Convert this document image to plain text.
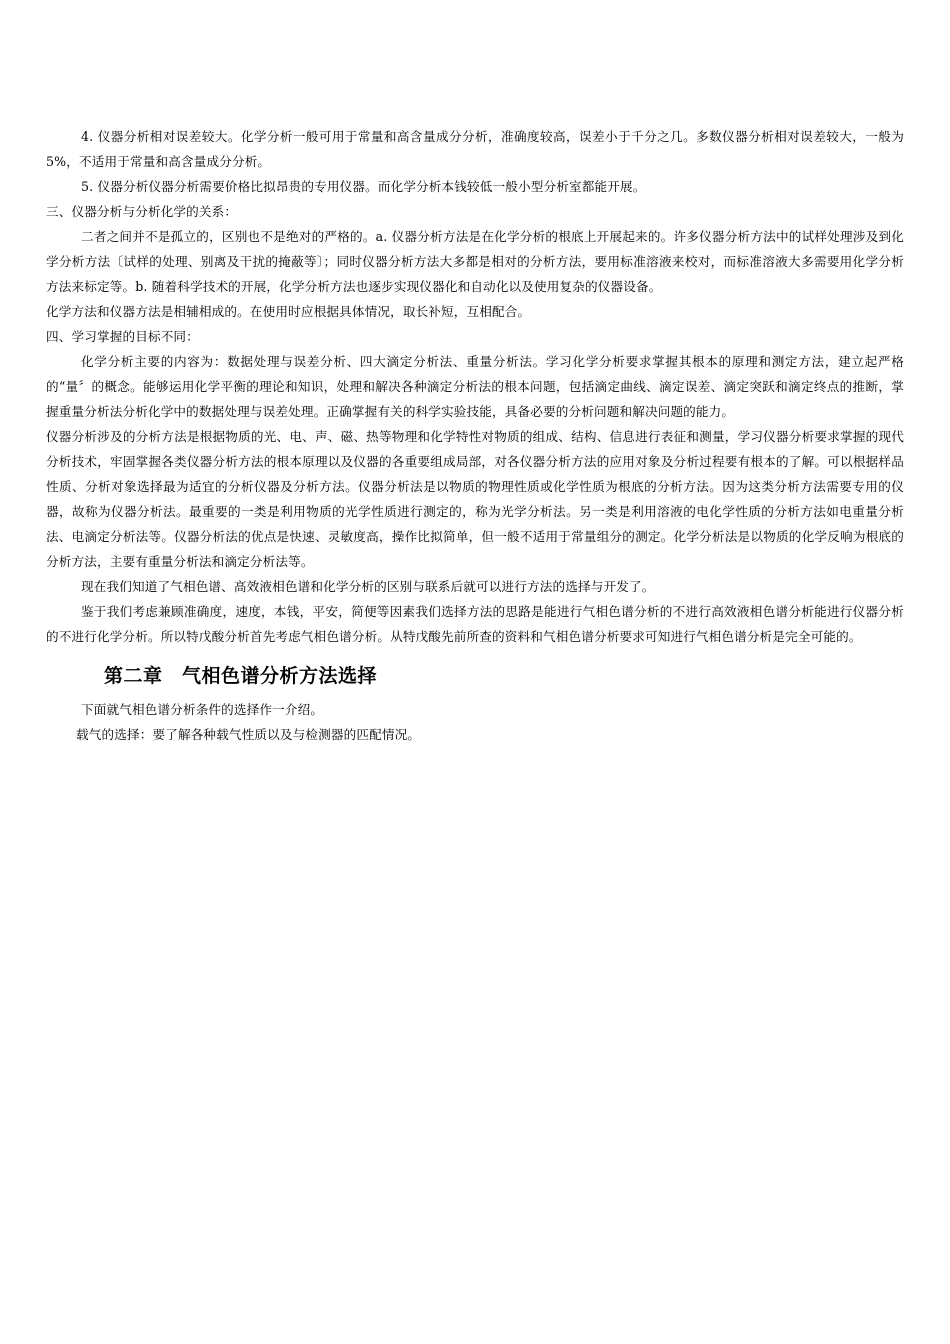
4. 仪器分析相对误差较大。化学分析一般可用于常量和高含量成分分析，准确度较高，误差小于千分之几。多数仪器分析相对误差较大，一般为 5%，不适用于常量和高含量成分分析。

5. 仪器分析仪器分析需要价格比拟昂贵的专用仪器。而化学分析本钱较低一般小型分析室都能开展。

三、仪器分析与分析化学的关系：

二者之间并不是孤立的，区别也不是绝对的严格的。a. 仪器分析方法是在化学分析的根底上开展起来的。许多仪器分析方法中的试样处理涉及到化学分析方法〔试样的处理、别离及干扰的掩蔽等〕；同时仪器分析方法大多都是相对的分析方法，要用标准溶液来校对，而标准溶液大多需要用化学分析方法来标定等。b. 随着科学技术的开展，化学分析方法也逐步实现仪器化和自动化以及使用复杂的仪器设备。

化学方法和仪器方法是相辅相成的。在使用时应根据具体情况，取长补短，互相配合。

四、学习掌握的目标不同：

化学分析主要的内容为：数据处理与误差分析、四大滴定分析法、重量分析法。学习化学分析要求掌握其根本的原理和测定方法，建立起严格的“量〞的概念。能够运用化学平衡的理论和知识，处理和解决各种滴定分析法的根本问题，包括滴定曲线、滴定误差、滴定突跃和滴定终点的推断，掌握重量分析法分析化学中的数据处理与误差处理。正确掌握有关的科学实验技能，具备必要的分析问题和解决问题的能力。

仪器分析涉及的分析方法是根据物质的光、电、声、磁、热等物理和化学特性对物质的组成、结构、信息进行表征和测量，学习仪器分析要求掌握的现代分析技术，牢固掌握各类仪器分析方法的根本原理以及仪器的各重要组成局部，对各仪器分析方法的应用对象及分析过程要有根本的了解。可以根据样品性质、分析对象选择最为适宜的分析仪器及分析方法。仪器分析法是以物质的物理性质或化学性质为根底的分析方法。因为这类分析方法需要专用的仪器，故称为仪器分析法。最重要的一类是利用物质的光学性质进行测定的，称为光学分析法。另一类是利用溶液的电化学性质的分析方法如电重量分析法、电滴定分析法等。仪器分析法的优点是快速、灵敏度高，操作比拟简单，但一般不适用于常量组分的测定。化学分析法是以物质的化学反响为根底的分析方法，主要有重量分析法和滴定分析法等。

现在我们知道了气相色谱、高效液相色谱和化学分析的区别与联系后就可以进行方法的选择与开发了。

鉴于我们考虑兼顾准确度，速度，本钱，平安，简便等因素我们选择方法的思路是能进行气相色谱分析的不进行高效液相色谱分析能进行仪器分析的不进行化学分析。所以特戊酸分析首先考虑气相色谱分析。从特戊酸先前所查的资料和气相色谱分析要求可知进行气相色谱分析是完全可能的。

第二章　气相色谱分析方法选择

下面就气相色谱分析条件的选择作一介绍。

载气的选择：要了解各种载气性质以及与检测器的匹配情况。
